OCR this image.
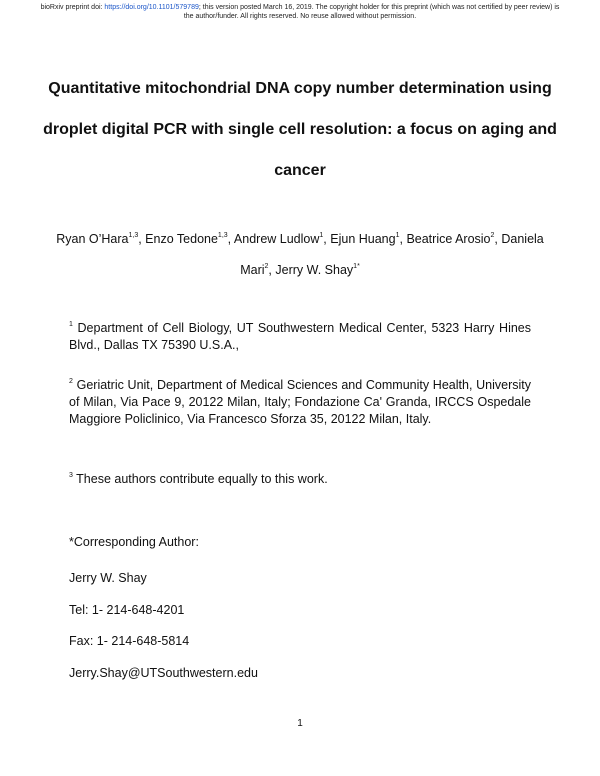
bioRxiv preprint doi: https://doi.org/10.1101/579789; this version posted March 16, 2019. The copyright holder for this preprint (which was not certified by peer review) is the author/funder. All rights reserved. No reuse allowed without permission.
Quantitative mitochondrial DNA copy number determination using droplet digital PCR with single cell resolution: a focus on aging and cancer
Ryan O’Hara$^{1,3}$, Enzo Tedone$^{1,3}$, Andrew Ludlow$^1$, Ejun Huang$^1$, Beatrice Arosio$^2$, Daniela Mari$^2$, Jerry W. Shay$^{1*}$
$^1$ Department of Cell Biology, UT Southwestern Medical Center, 5323 Harry Hines Blvd., Dallas TX 75390 U.S.A.,
$^2$ Geriatric Unit, Department of Medical Sciences and Community Health, University of Milan, Via Pace 9, 20122 Milan, Italy; Fondazione Ca' Granda, IRCCS Ospedale Maggiore Policlinico, Via Francesco Sforza 35, 20122 Milan, Italy.
$^3$ These authors contribute equally to this work.
*Corresponding Author:
Jerry W. Shay
Tel: 1- 214-648-4201
Fax: 1- 214-648-5814
Jerry.Shay@UTSouthwestern.edu
1
